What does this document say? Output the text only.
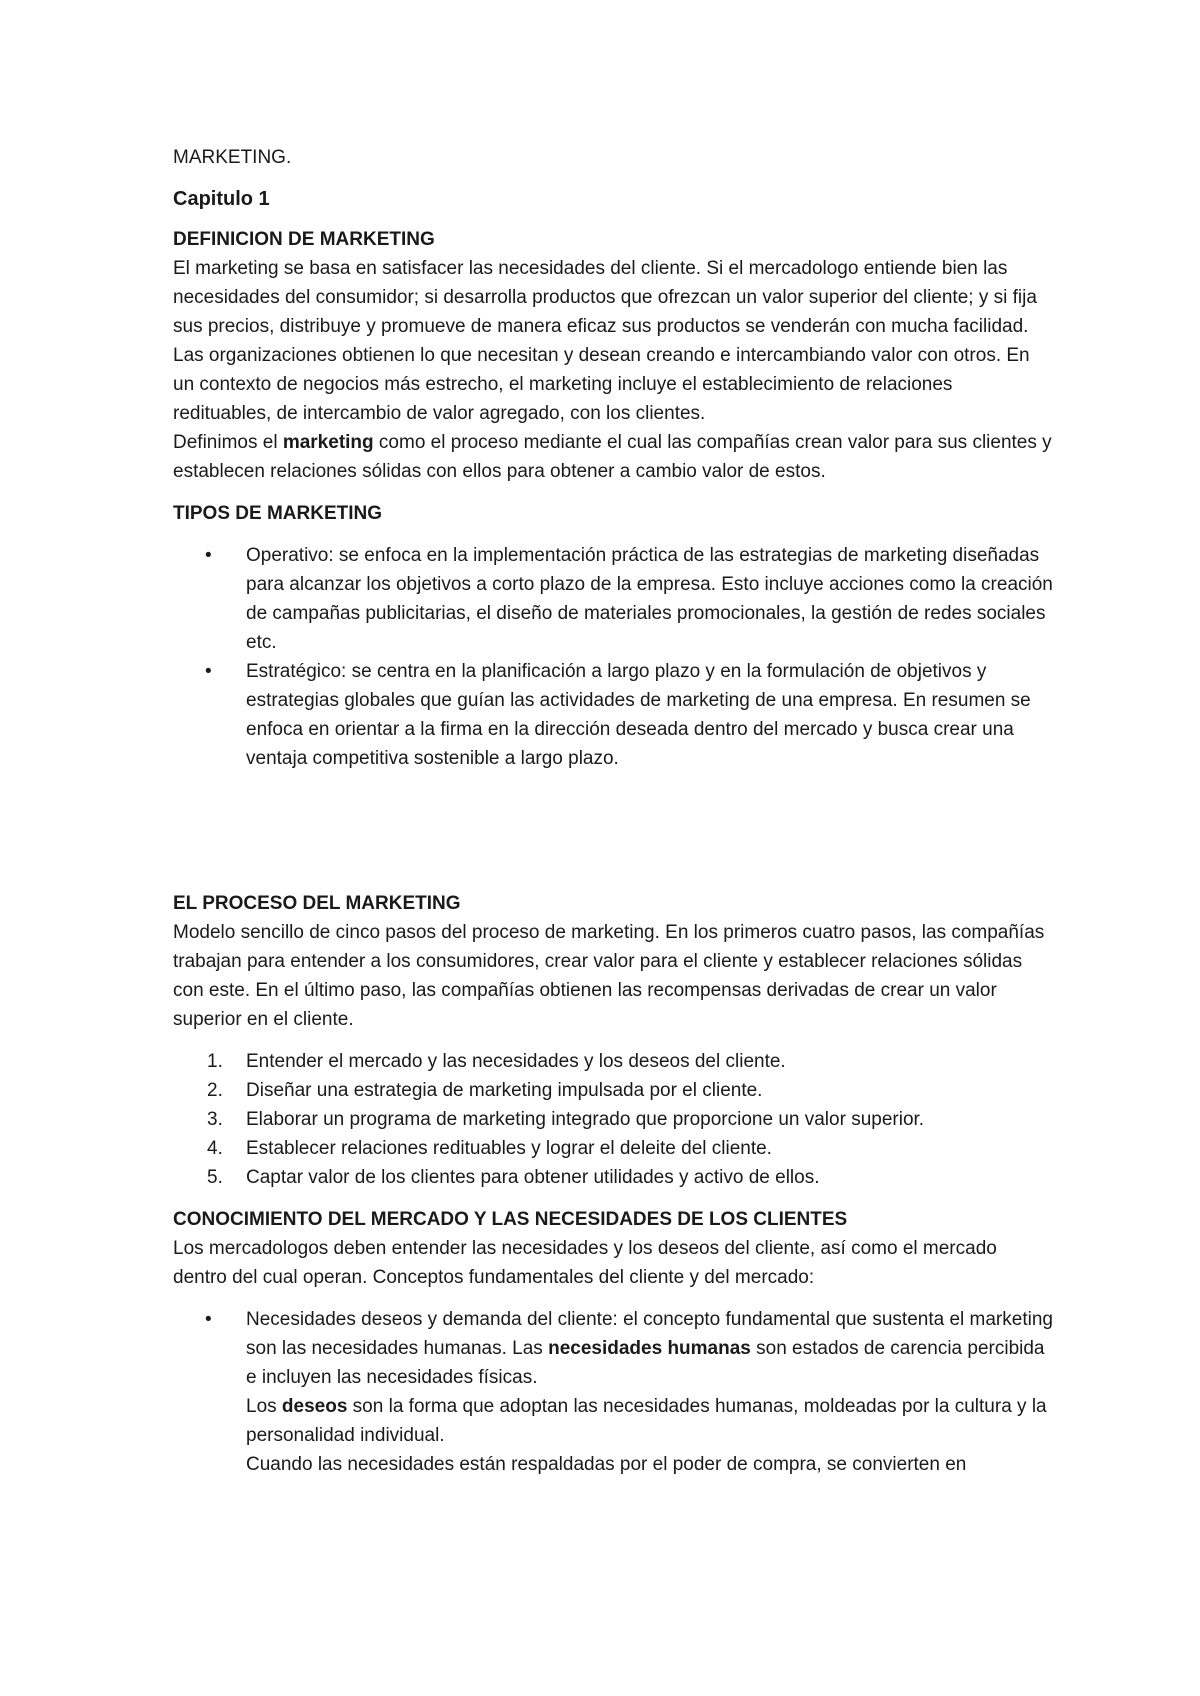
MARKETING.

Capitulo 1

DEFINICION DE MARKETING

El marketing se basa en satisfacer las necesidades del cliente. Si el mercadologo entiende bien las necesidades del consumidor; si desarrolla productos que ofrezcan un valor superior del cliente; y si fija sus precios, distribuye y promueve de manera eficaz sus productos se venderán con mucha facilidad.

Las organizaciones obtienen lo que necesitan y desean creando e intercambiando valor con otros. En un contexto de negocios más estrecho, el marketing incluye el establecimiento de relaciones redituables, de intercambio de valor agregado, con los clientes.

Definimos el marketing como el proceso mediante el cual las compañías crean valor para sus clientes y establecen relaciones sólidas con ellos para obtener a cambio valor de estos.

TIPOS DE MARKETING

• Operativo: se enfoca en la implementación práctica de las estrategias de marketing diseñadas para alcanzar los objetivos a corto plazo de la empresa. Esto incluye acciones como la creación de campañas publicitarias, el diseño de materiales promocionales, la gestión de redes sociales etc.
• Estratégico: se centra en la planificación a largo plazo y en la formulación de objetivos y estrategias globales que guían las actividades de marketing de una empresa. En resumen se enfoca en orientar a la firma en la dirección deseada dentro del mercado y busca crear una ventaja competitiva sostenible a largo plazo.

EL PROCESO DEL MARKETING

Modelo sencillo de cinco pasos del proceso de marketing. En los primeros cuatro pasos, las compañías trabajan para entender a los consumidores, crear valor para el cliente y establecer relaciones sólidas con este. En el último paso, las compañías obtienen las recompensas derivadas de crear un valor superior en el cliente.

1. Entender el mercado y las necesidades y los deseos del cliente.
2. Diseñar una estrategia de marketing impulsada por el cliente.
3. Elaborar un programa de marketing integrado que proporcione un valor superior.
4. Establecer relaciones redituables y lograr el deleite del cliente.
5. Captar valor de los clientes para obtener utilidades y activo de ellos.

CONOCIMIENTO DEL MERCADO Y LAS NECESIDADES DE LOS CLIENTES

Los mercadologos deben entender las necesidades y los deseos del cliente, así como el mercado dentro del cual operan. Conceptos fundamentales del cliente y del mercado:

• Necesidades deseos y demanda del cliente: el concepto fundamental que sustenta el marketing son las necesidades humanas. Las necesidades humanas son estados de carencia percibida e incluyen las necesidades físicas.

Los deseos son la forma que adoptan las necesidades humanas, moldeadas por la cultura y la personalidad individual.

Cuando las necesidades están respaldadas por el poder de compra, se convierten en
